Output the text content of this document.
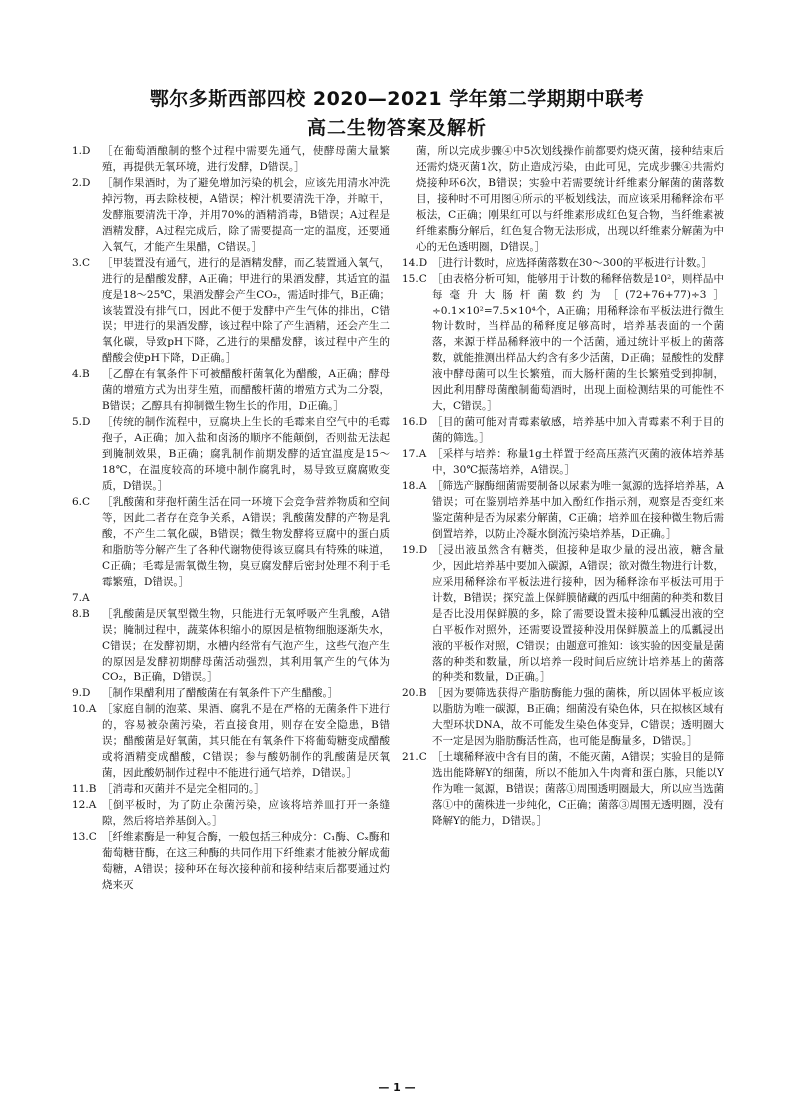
鄂尔多斯西部四校 2020—2021 学年第二学期期中联考
高二生物答案及解析
1.D	［在葡萄酒酿制的整个过程中需要先通气，使酵母菌大量繁殖，再提供无氧环境，进行发酵，D错误。］
2.D	［制作果酒时，为了避免增加污染的机会，应该先用清水冲洗掉污物，再去除枝梗，A错误；榨汁机要清洗干净，并晾干，发酵瓶要清洗干净，并用70%的酒精消毒，B错误；A过程是酒精发酵，A过程完成后，除了需要提高一定的温度，还要通入氧气，才能产生果醋，C错误。］
3.C	［甲装置没有通气，进行的是酒精发酵，而乙装置通入氧气，进行的是醋酸发酵，A正确；甲进行的果酒发酵，其适宜的温度是18～25℃，果酒发酵会产生CO₂，需适时排气，B正确；该装置没有排气口，因此不便于发酵中产生气体的排出，C错误；甲进行的果酒发酵，该过程中除了产生酒精，还会产生二氧化碳，导致pH下降，乙进行的果醋发酵，该过程中产生的醋酸会使pH下降，D正确。］
4.B	［乙醇在有氧条件下可被醋酸杆菌氧化为醋酸，A正确；酵母菌的增殖方式为出芽生殖，而醋酸杆菌的增殖方式为二分裂，B错误；乙醇具有抑制微生物生长的作用，D正确。］
5.D	［传统的制作流程中，豆腐块上生长的毛霉来自空气中的毛霉孢子，A正确；加入盐和卤汤的顺序不能颠倒，否则盐无法起到腌制效果，B正确；腐乳制作前期发酵的适宜温度是15～18℃，在温度较高的环境中制作腐乳时，易导致豆腐腐败变质，D错误。］
6.C	［乳酸菌和芽孢杆菌生活在同一环境下会竞争营养物质和空间等，因此二者存在竞争关系，A错误；乳酸菌发酵的产物是乳酸，不产生二氧化碳，B错误；微生物发酵将豆腐中的蛋白质和脂肪等分解产生了各种代谢物使得该豆腐具有特殊的味道，C正确；毛霉是需氧微生物，臭豆腐发酵后密封处理不利于毛霉繁殖，D错误。］
7.A
8.B	［乳酸菌是厌氧型微生物，只能进行无氧呼吸产生乳酸，A错误；腌制过程中，蔬菜体积缩小的原因是植物细胞逐渐失水，C错误；在发酵初期，水槽内经常有气泡产生，这些气泡产生的原因是发酵初期酵母菌活动强烈，其利用氧产生的气体为CO₂，B正确，D错误。］
9.D	［制作果醋利用了醋酸菌在有氧条件下产生醋酸。］
10.A ［家庭自制的泡菜、果酒、腐乳不是在严格的无菌条件下进行的，容易被杂菌污染，若直接食用，则存在安全隐患，B错误；醋酸菌是好氧菌，其只能在有氧条件下将葡萄糖变成醋酸或将酒精变成醋酸，C错误；参与酸奶制作的乳酸菌是厌氧菌，因此酸奶制作过程中不能进行通气培养，D错误。］
11.B ［消毒和灭菌并不是完全相同的。］
12.A ［倒平板时，为了防止杂菌污染，应该将培养皿打开一条缝隙，然后将培养基倒入。］
13.C ［纤维素酶是一种复合酶，一般包括三种成分：C₁酶、Cₓ酶和葡萄糖苷酶，在这三种酶的共同作用下纤维素才能被分解成葡萄糖，A错误；接种环在每次接种前和接种结束后都要通过灼烧来灭
菌，所以完成步骤④中5次划线操作前都要灼烧灭菌，接种结束后还需灼烧灭菌1次，防止造成污染，由此可见，完成步骤④共需灼烧接种环6次，B错误；实验中若需要统计纤维素分解菌的菌落数目，接种时不可用图④所示的平板划线法，而应该采用稀释涂布平板法，C正确；刚果红可以与纤维素形成红色复合物，当纤维素被纤维素酶分解后，红色复合物无法形成，出现以纤维素分解菌为中心的无色透明圈，D错误。］
14.D ［进行计数时，应选择菌落数在30～300的平板进行计数。］
15.C ［由表格分析可知，能够用于计数的稀释倍数是10²，则样品中每毫升大肠杆菌数约为［(72+76+77)÷3］÷0.1×10²=7.5×10⁴个，A正确；用稀释涂布平板法进行微生物计数时，当样品的稀释度足够高时，培养基表面的一个菌落，来源于样品稀释液中的一个活菌，通过统计平板上的菌落数，就能推测出样品大约含有多少活菌，D正确；显酸性的发酵液中酵母菌可以生长繁殖，而大肠杆菌的生长繁殖受到抑制，因此利用酵母菌酿制葡萄酒时，出现上面检测结果的可能性不大，C错误。］
16.D ［目的菌可能对青霉素敏感，培养基中加入青霉素不利于目的菌的筛选。］
17.A ［采样与培养：称量1g土样置于经高压蒸汽灭菌的液体培养基中，30℃振荡培养，A错误。］
18.A ［筛选产脲酶细菌需要制备以尿素为唯一氮源的选择培养基，A错误；可在鉴别培养基中加入酚红作指示剂，观察是否变红来鉴定菌种是否为尿素分解菌，C正确；培养皿在接种微生物后需倒置培养，以防止冷凝水倒流污染培养基，D正确。］
19.D ［浸出液虽然含有糖类，但接种是取少量的浸出液，糖含量少，因此培养基中要加入碳源，A错误；欲对微生物进行计数，应采用稀释涂布平板法进行接种，因为稀释涂布平板法可用于计数，B错误；探究盖上保鲜膜储藏的西瓜中细菌的种类和数目是否比没用保鲜膜的多，除了需要设置未接种瓜瓤浸出液的空白平板作对照外，还需要设置接种没用保鲜膜盖上的瓜瓤浸出液的平板作对照，C错误；由题意可推知：该实验的因变量是菌落的种类和数量，所以培养一段时间后应统计培养基上的菌落的种类和数量，D正确。］
20.B ［因为要筛选获得产脂肪酶能力强的菌株，所以固体平板应该以脂肪为唯一碳源，B正确；细菌没有染色体，只在拟核区域有大型环状DNA，故不可能发生染色体变异，C错误；透明圈大不一定是因为脂肪酶活性高，也可能是酶量多，D错误。］
21.C ［土壤稀释液中含有目的菌，不能灭菌，A错误；实验目的是筛选出能降解Y的细菌，所以不能加入牛肉膏和蛋白胨，只能以Y作为唯一氮源，B错误；菌落①周围透明圈最大，所以应当选菌落①中的菌株进一步纯化，C正确；菌落③周围无透明圈，没有降解Y的能力，D错误。］
— 1 —
